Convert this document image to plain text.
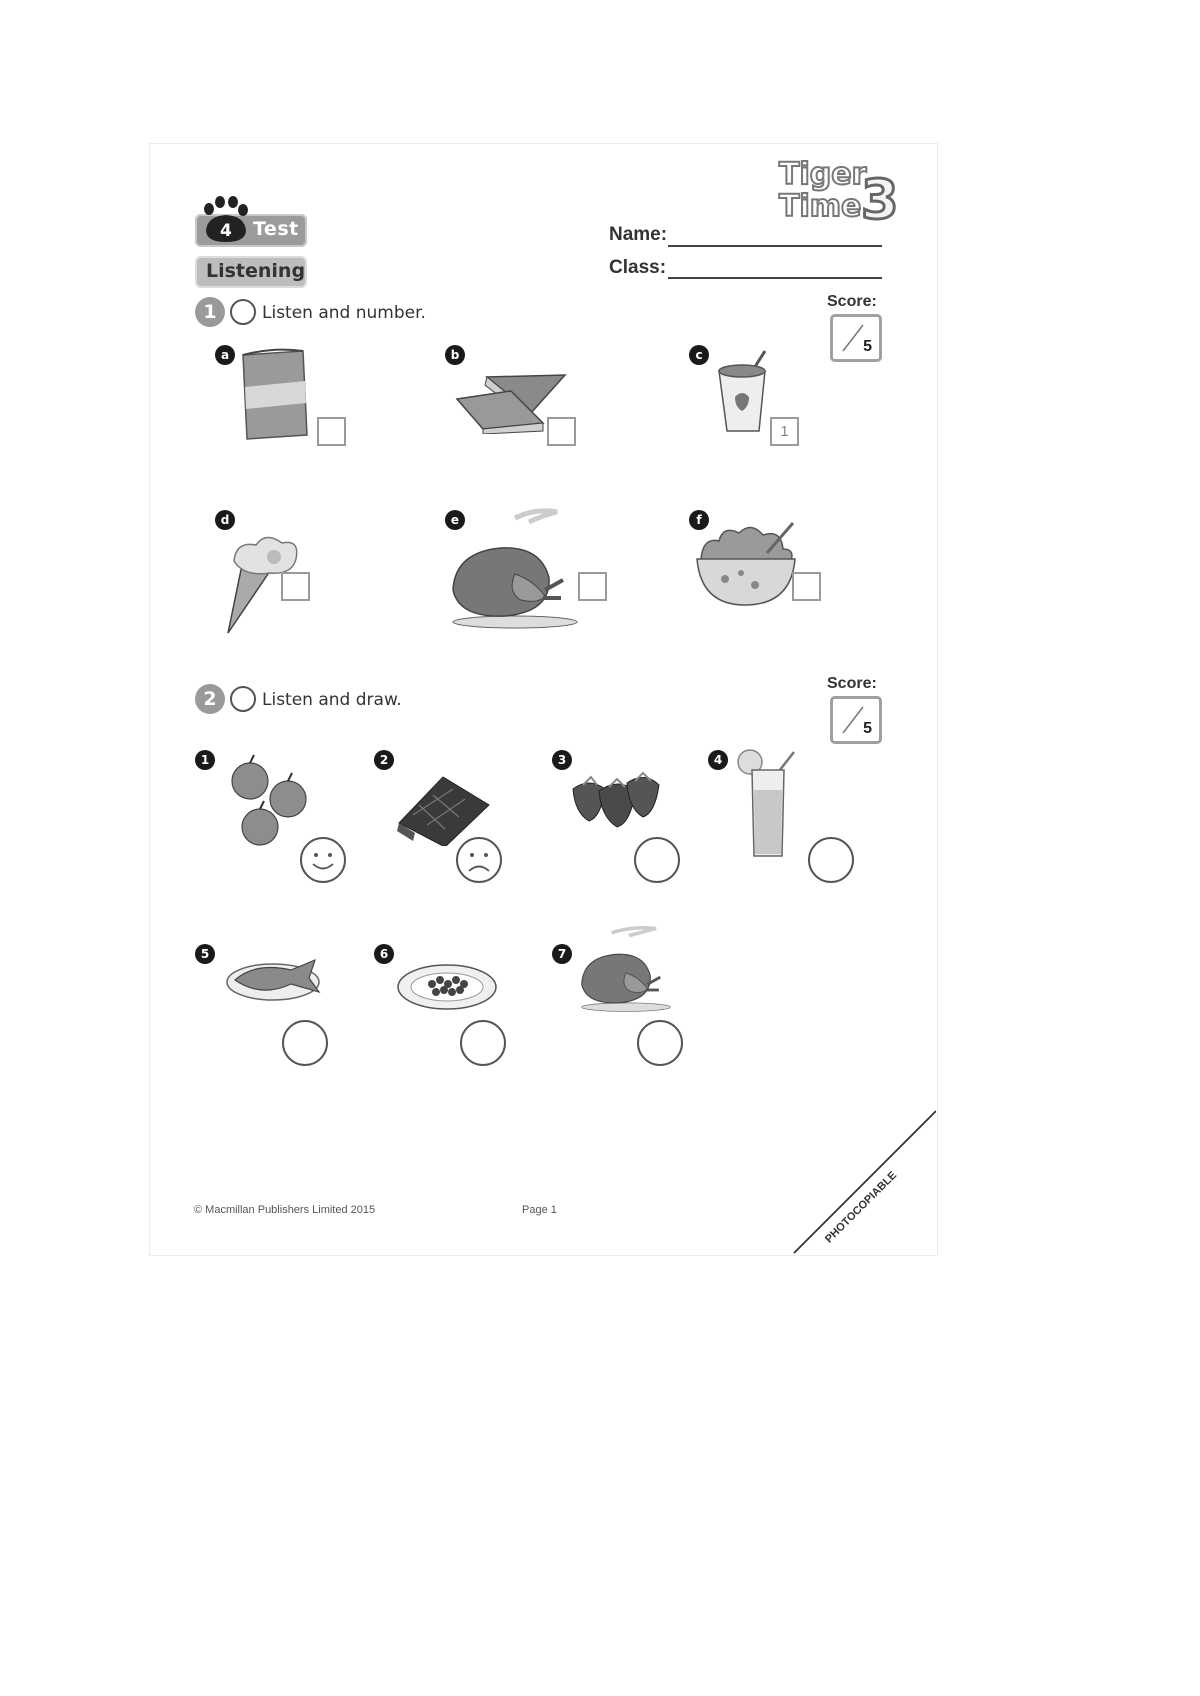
Tiger
Time 3
Test
4
Listening
Name:
Class:
1	Listen and number.
Score:
5
a	b	c
1
d	e	f
2	Listen and draw.
Score:
5
1	2	3	4
5	6	7
© Macmillan Publishers Limited 2015	Page 1	PHOTOCOPIABLE
